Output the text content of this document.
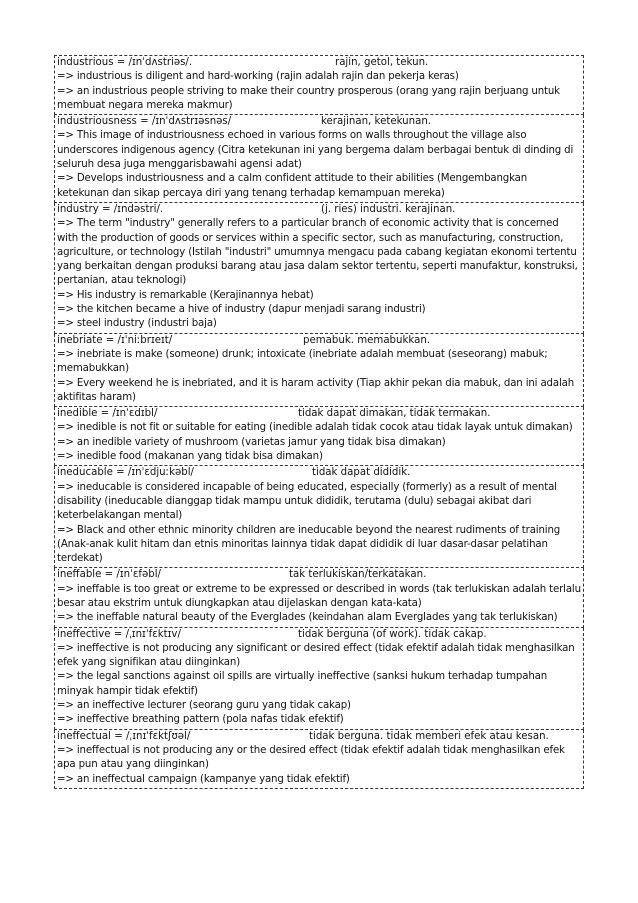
industrious = /ɪnˈdʌstriəs/.	rajin, getol, tekun.

=> industrious is diligent and hard-working (rajin adalah rajin dan pekerja keras)

=> an industrious people striving to make their country prosperous (orang yang rajin berjuang untuk membuat negara mereka makmur)

industriousness = /ɪnˈdʌstrɪəsnəs/	kerajinan, ketekunan.

=> This image of industriousness echoed in various forms on walls throughout the village also underscores indigenous agency (Citra ketekunan ini yang bergema dalam berbagai bentuk di dinding di seluruh desa juga menggarisbawahi agensi adat)

=> Develops industriousness and a calm confident attitude to their abilities (Mengembangkan ketekunan dan sikap percaya diri yang tenang terhadap kemampuan mereka)

industry = /ɪndəstri/.	(j. ries) industri. kerajinan.

=> The term "industry" generally refers to a particular branch of economic activity that is concerned with the production of goods or services within a specific sector, such as manufacturing, construction, agriculture, or technology (Istilah "industri" umumnya mengacu pada cabang kegiatan ekonomi tertentu yang berkaitan dengan produksi barang atau jasa dalam sektor tertentu, seperti manufaktur, konstruksi, pertanian, atau teknologi)

=> His industry is remarkable (Kerajinannya hebat)

=> the kitchen became a hive of industry (dapur menjadi sarang industri)

=> steel industry (industri baja)

inebriate = /ɪˈniːbrɪeɪt/	pemabuk. memabukkan.

=> inebriate is make (someone) drunk; intoxicate (inebriate adalah membuat (seseorang) mabuk; memabukkan)

=> Every weekend he is inebriated, and it is haram activity (Tiap akhir pekan dia mabuk, dan ini adalah aktifitas haram)

inedible = /ɪnˈɛdɪbl/	tidak dapat dimakan, tidak termakan.

=> inedible is not fit or suitable for eating (inedible adalah tidak cocok atau tidak layak untuk dimakan)

=> an inedible variety of mushroom (varietas jamur yang tidak bisa dimakan)

=> inedible food (makanan yang tidak bisa dimakan)

ineducable = /ɪnˈɛdjuːkəbl/	tidak dapat dididik.

=> ineducable is considered incapable of being educated, especially (formerly) as a result of mental disability (ineducable dianggap tidak mampu untuk dididik, terutama (dulu) sebagai akibat dari keterbelakangan mental)

=> Black and other ethnic minority children are ineducable beyond the nearest rudiments of training (Anak-anak kulit hitam dan etnis minoritas lainnya tidak dapat dididik di luar dasar-dasar pelatihan terdekat)

ineffable = /ɪnˈɛfəbl/	tak terlukiskan/terkatakan.

=> ineffable is too great or extreme to be expressed or described in words (tak terlukiskan adalah terlalu besar atau ekstrim untuk diungkapkan atau dijelaskan dengan kata-kata)

=> the ineffable natural beauty of the Everglades (keindahan alam Everglades yang tak terlukiskan)

ineffective = /ˌɪnɪˈfɛktɪv/	tidak berguna (of work). tidak cakap.

=> ineffective is not producing any significant or desired effect (tidak efektif adalah tidak menghasilkan efek yang signifikan atau diinginkan)

=> the legal sanctions against oil spills are virtually ineffective (sanksi hukum terhadap tumpahan minyak hampir tidak efektif)

=> an ineffective lecturer (seorang guru yang tidak cakap)

=> ineffective breathing pattern (pola nafas tidak efektif)

ineffectual = /ˌɪnɪˈfɛktʃʊəl/	tidak berguna. tidak memberi efek atau kesan.

=> ineffectual is not producing any or the desired effect (tidak efektif adalah tidak menghasilkan efek apa pun atau yang diinginkan)

=> an ineffectual campaign (kampanye yang tidak efektif)
